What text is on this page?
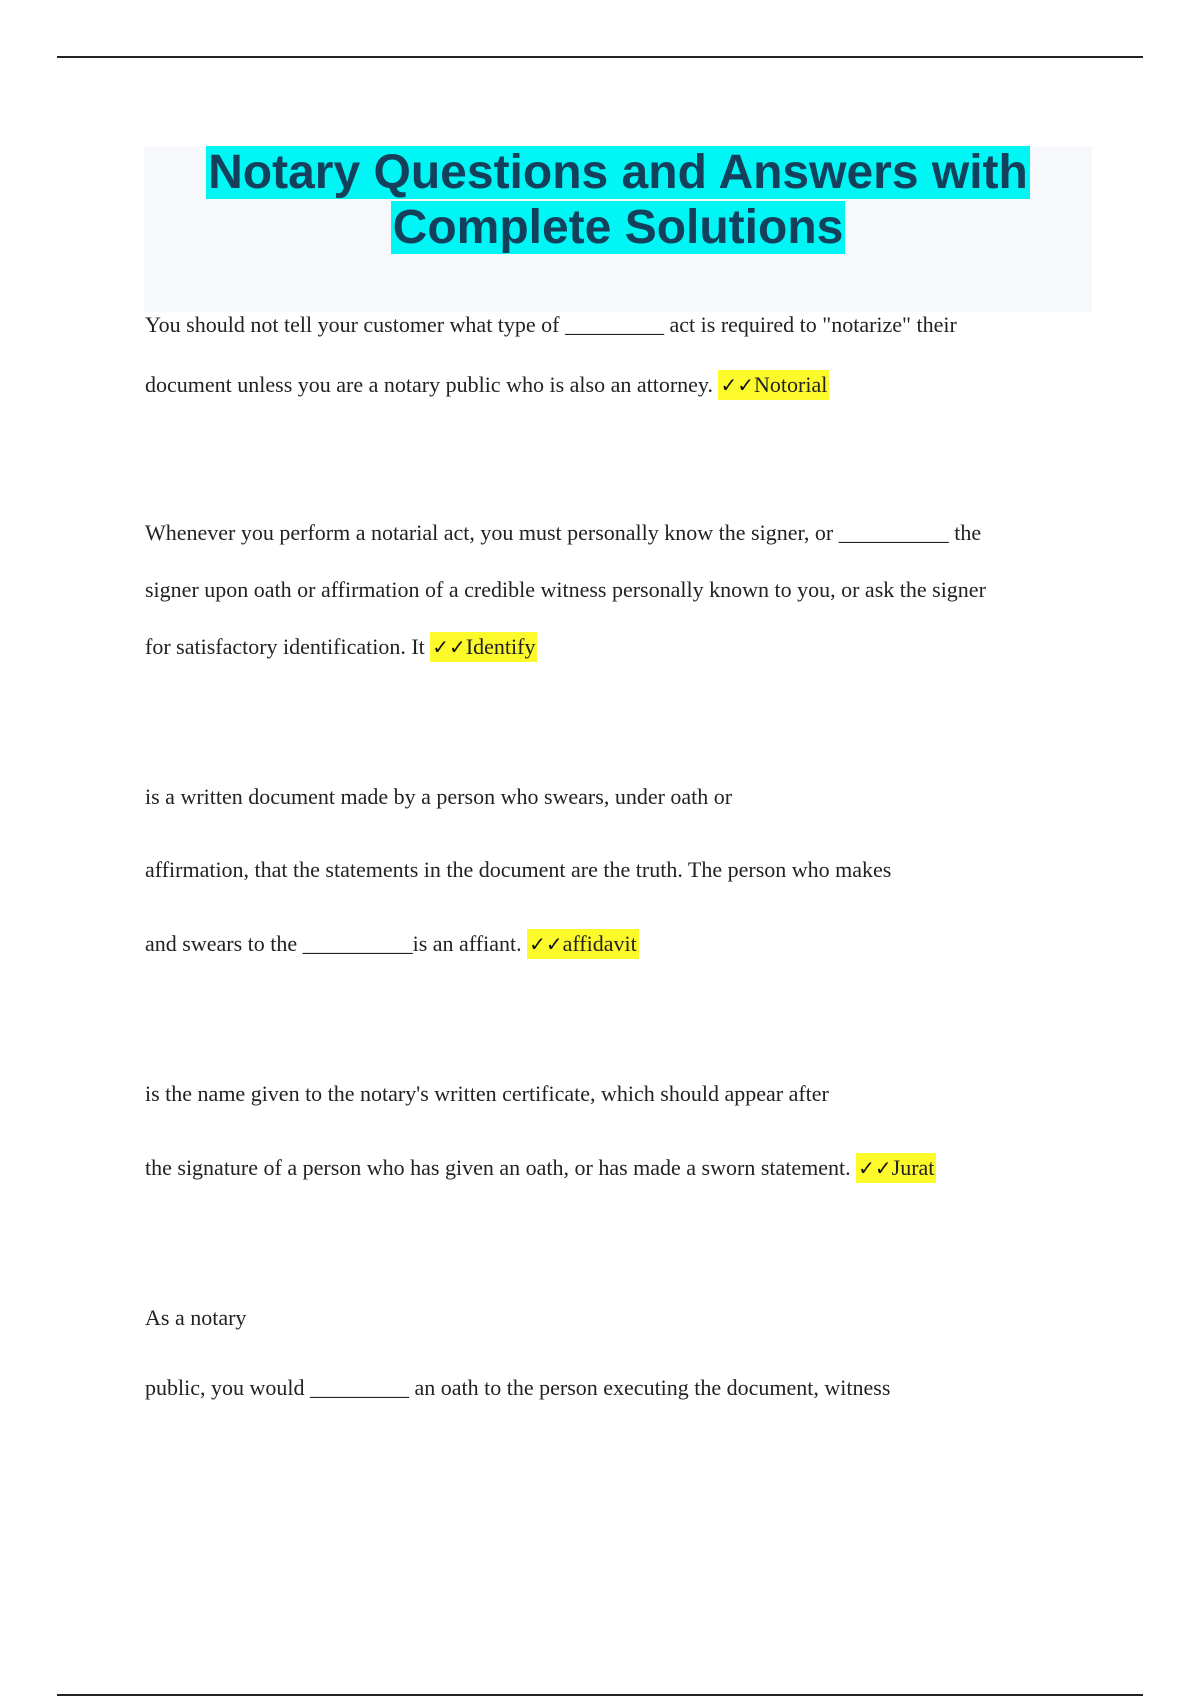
Notary Questions and Answers with
Complete Solutions
You should not tell your customer what type of _________ act is required to "notarize" their
document unless you are a notary public who is also an attorney. ✓✓Notorial
Whenever you perform a notarial act, you must personally know the signer, or __________ the
signer upon oath or affirmation of a credible witness personally known to you, or ask the signer
for satisfactory identification. It ✓✓Identify
is a written document made by a person who swears, under oath or
affirmation, that the statements in the document are the truth. The person who makes
and swears to the __________is an affiant. ✓✓affidavit
is the name given to the notary's written certificate, which should appear after
the signature of a person who has given an oath, or has made a sworn statement. ✓✓Jurat
As a notary
public, you would _________ an oath to the person executing the document, witness
